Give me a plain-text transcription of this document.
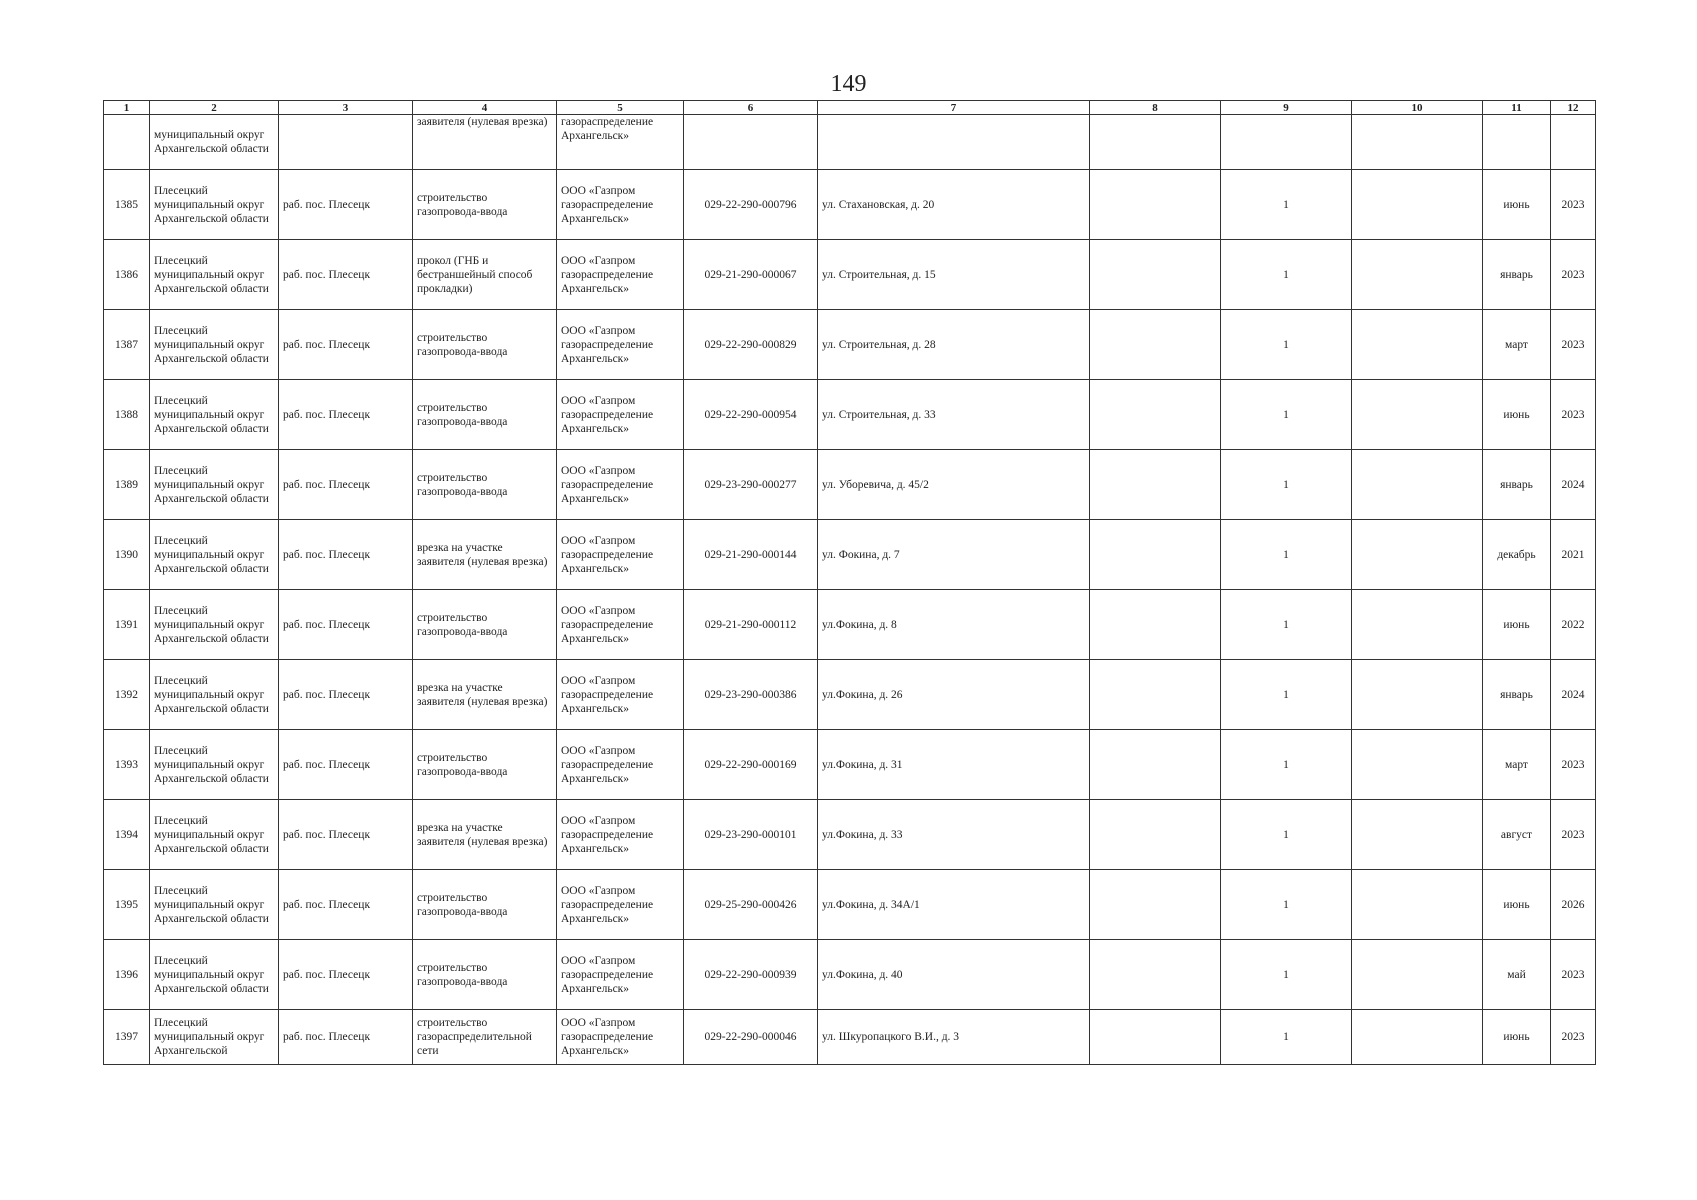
149
1	2	3	4	5	6	7	8	9	10	11	12
	муниципальный округ Архангельской области		заявителя (нулевая врезка)	газораспределение Архангельск»							
1385	Плесецкий муниципальный округ Архангельской области	раб. пос. Плесецк	строительство газопровода-ввода	ООО «Газпром газораспределение Архангельск»	029-22-290-000796	ул. Стахановская, д. 20		1		июнь	2023
1386	Плесецкий муниципальный округ Архангельской области	раб. пос. Плесецк	прокол (ГНБ и бестраншейный способ прокладки)	ООО «Газпром газораспределение Архангельск»	029-21-290-000067	ул. Строительная, д. 15		1		январь	2023
1387	Плесецкий муниципальный округ Архангельской области	раб. пос. Плесецк	строительство газопровода-ввода	ООО «Газпром газораспределение Архангельск»	029-22-290-000829	ул. Строительная, д. 28		1		март	2023
1388	Плесецкий муниципальный округ Архангельской области	раб. пос. Плесецк	строительство газопровода-ввода	ООО «Газпром газораспределение Архангельск»	029-22-290-000954	ул. Строительная, д. 33		1		июнь	2023
1389	Плесецкий муниципальный округ Архангельской области	раб. пос. Плесецк	строительство газопровода-ввода	ООО «Газпром газораспределение Архангельск»	029-23-290-000277	ул. Уборевича, д. 45/2		1		январь	2024
1390	Плесецкий муниципальный округ Архангельской области	раб. пос. Плесецк	врезка на участке заявителя (нулевая врезка)	ООО «Газпром газораспределение Архангельск»	029-21-290-000144	ул. Фокина, д. 7		1		декабрь	2021
1391	Плесецкий муниципальный округ Архангельской области	раб. пос. Плесецк	строительство газопровода-ввода	ООО «Газпром газораспределение Архангельск»	029-21-290-000112	ул.Фокина, д. 8		1		июнь	2022
1392	Плесецкий муниципальный округ Архангельской области	раб. пос. Плесецк	врезка на участке заявителя (нулевая врезка)	ООО «Газпром газораспределение Архангельск»	029-23-290-000386	ул.Фокина, д. 26		1		январь	2024
1393	Плесецкий муниципальный округ Архангельской области	раб. пос. Плесецк	строительство газопровода-ввода	ООО «Газпром газораспределение Архангельск»	029-22-290-000169	ул.Фокина, д. 31		1		март	2023
1394	Плесецкий муниципальный округ Архангельской области	раб. пос. Плесецк	врезка на участке заявителя (нулевая врезка)	ООО «Газпром газораспределение Архангельск»	029-23-290-000101	ул.Фокина, д. 33		1		август	2023
1395	Плесецкий муниципальный округ Архангельской области	раб. пос. Плесецк	строительство газопровода-ввода	ООО «Газпром газораспределение Архангельск»	029-25-290-000426	ул.Фокина, д. 34А/1		1		июнь	2026
1396	Плесецкий муниципальный округ Архангельской области	раб. пос. Плесецк	строительство газопровода-ввода	ООО «Газпром газораспределение Архангельск»	029-22-290-000939	ул.Фокина, д. 40		1		май	2023
1397	Плесецкий муниципальный округ Архангельской	раб. пос. Плесецк	строительство газораспределительной сети	ООО «Газпром газораспределение Архангельск»	029-22-290-000046	ул. Шкуропацкого В.И., д. 3		1		июнь	2023
